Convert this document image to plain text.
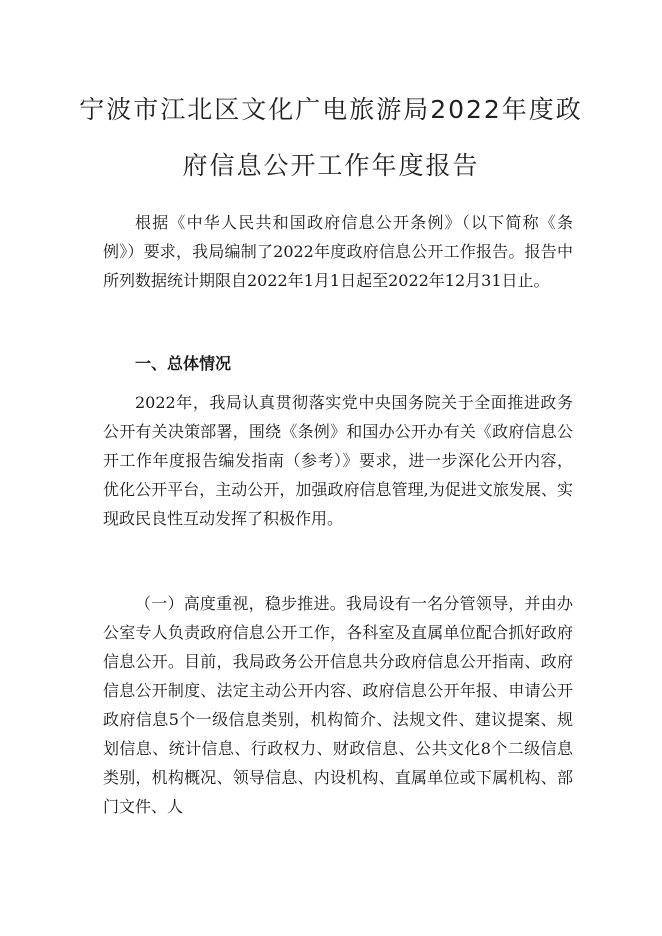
宁波市江北区文化广电旅游局2022年度政
府信息公开工作年度报告

根据《中华人民共和国政府信息公开条例》（以下简称《条例》）要求，我局编制了2022年度政府信息公开工作报告。报告中所列数据统计期限自2022年1月1日起至2022年12月31日止。

一、总体情况

2022年，我局认真贯彻落实党中央国务院关于全面推进政务公开有关决策部署，围绕《条例》和国办公开办有关《政府信息公开工作年度报告编发指南（参考）》要求，进一步深化公开内容，优化公开平台，主动公开，加强政府信息管理,为促进文旅发展、实现政民良性互动发挥了积极作用。

（一）高度重视，稳步推进。我局设有一名分管领导，并由办公室专人负责政府信息公开工作，各科室及直属单位配合抓好政府信息公开。目前，我局政务公开信息共分政府信息公开指南、政府信息公开制度、法定主动公开内容、政府信息公开年报、申请公开政府信息5个一级信息类别，机构简介、法规文件、建议提案、规划信息、统计信息、行政权力、财政信息、公共文化8个二级信息类别，机构概况、领导信息、内设机构、直属单位或下属机构、部门文件、人
